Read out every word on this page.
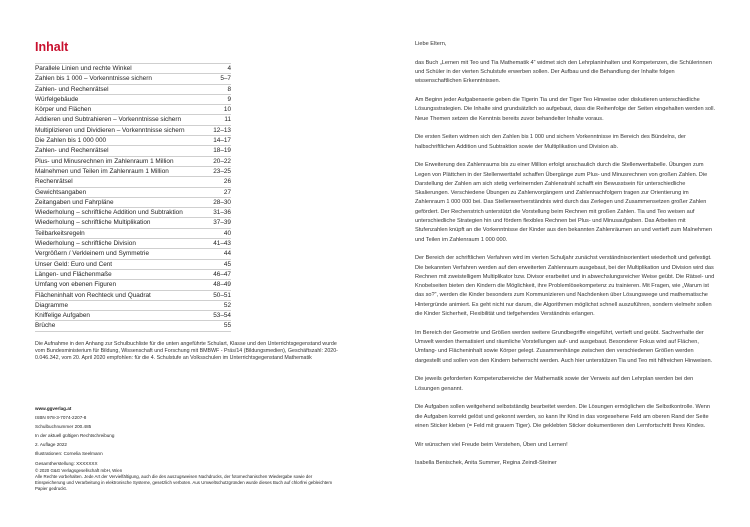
Inhalt
Parallele Linien und rechte Winkel	4
Zahlen bis 1 000 – Vorkenntnisse sichern	5–7
Zahlen- und Rechenrätsel	8
Würfelgebäude	9
Körper und Flächen	10
Addieren und Subtrahieren – Vorkenntnisse sichern	11
Multiplizieren und Dividieren – Vorkenntnisse sichern	12–13
Die Zahlen bis 1 000 000	14–17
Zahlen- und Rechenrätsel	18–19
Plus- und Minusrechnen im Zahlenraum 1 Million	20–22
Malnehmen und Teilen im Zahlenraum 1 Million	23–25
Rechenrätsel	26
Gewichtsangaben	27
Zeitangaben und Fahrpläne	28–30
Wiederholung – schriftliche Addition und Subtraktion	31–36
Wiederholung – schriftliche Multiplikation	37–39
Teilbarkeitsregeln	40
Wiederholung – schriftliche Division	41–43
Vergrößern / Verkleinern und Symmetrie	44
Unser Geld: Euro und Cent	45
Längen- und Flächenmaße	46–47
Umfang von ebenen Figuren	48–49
Flächeninhalt von Rechteck und Quadrat	50–51
Diagramme	52
Kniffelige Aufgaben	53–54
Brüche	55

Die Aufnahme in den Anhang zur Schulbuchliste für die unten angeführte Schulart, Klasse und den Unterrichtsgegenstand wurde vom Bundesministerium für Bildung, Wissenschaft und Forschung mit BMBWF - Präs/14 (Bildungsmedien), Geschäftszahl: 2020-0.046.342, vom 20. April 2020 empfohlen: für die 4. Schulstufe an Volksschulen im Unterrichtsgegenstand Mathematik

www.ggverlag.at
ISBN 978-3-7074-2207-8
Schulbuchnummer 200.485
In der aktuell gültigen Rechtschreibung
2. Auflage 2022
Illustrationen: Cornelia Seelmann
Gesamtherstellung: XXXXXXX
© 2020 G&G Verlagsgesellschaft mbH, Wien
Alle Rechte vorbehalten. Jede Art der Vervielfältigung, auch die des auszugsweisen Nachdrucks, der fotomechanischen Wiedergabe sowie der Einspeicherung und Verarbeitung in elektronische Systeme, gesetzlich verboten. Aus Umweltschutzgründen wurde dieses Buch auf chlorfrei gebleichtem Papier gedruckt.

Liebe Eltern,

das Buch „Lernen mit Teo und Tia Mathematik 4“ widmet sich den Lehrplaninhalten und Kompetenzen, die Schülerinnen und Schüler in der vierten Schulstufe erwerben sollen. Der Aufbau und die Behandlung der Inhalte folgen wissenschaftlichen Erkenntnissen.

Am Beginn jeder Aufgabenserie geben die Tigerin Tia und der Tiger Teo Hinweise oder diskutieren unterschiedliche Lösungsstrategien. Die Inhalte sind grundsätzlich so aufgebaut, dass die Reihenfolge der Seiten eingehalten werden soll. Neue Themen setzen die Kenntnis bereits zuvor behandelter Inhalte voraus.

Die ersten Seiten widmen sich den Zahlen bis 1 000 und sichern Vorkenntnisse im Bereich des Bündelns, der halbschriftlichen Addition und Subtraktion sowie der Multiplikation und Division ab.

Die Erweiterung des Zahlenraums bis zu einer Million erfolgt anschaulich durch die Stellenwerttabelle. Übungen zum Legen von Plättchen in der Stellenwerttafel schaffen Übergänge zum Plus- und Minusrechnen von großen Zahlen. Die Darstellung der Zahlen am sich stetig verfeinernden Zahlenstrahl schafft ein Bewusstsein für unterschiedliche Skalierungen. Verschiedene Übungen zu Zahlenvorgängern und Zahlennachfolgern tragen zur Orientierung im Zahlenraum 1 000 000 bei. Das Stellenwertverständnis wird durch das Zerlegen und Zusammensetzen großer Zahlen gefördert. Der Rechenstrich unterstützt die Vorstellung beim Rechnen mit großen Zahlen. Tia und Teo weisen auf unterschiedliche Strategien hin und fördern flexibles Rechnen bei Plus- und Minusaufgaben. Das Arbeiten mit Stufenzahlen knüpft an die Vorkenntnisse der Kinder aus den bekannten Zahlenräumen an und vertieft zum Malnehmen und Teilen im Zahlenraum 1 000 000.

Der Bereich der schriftlichen Verfahren wird im vierten Schuljahr zunächst verständnisorientiert wiederholt und gefestigt. Die bekannten Verfahren werden auf den erweiterten Zahlenraum ausgebaut, bei der Multiplikation und Division wird das Rechnen mit zweistelligem Multiplikator bzw. Divisor erarbeitet und in abwechslungsreicher Weise geübt. Die Rätsel- und Knobelseiten bieten den Kindern die Möglichkeit, ihre Problemlösekompetenz zu trainieren. Mit Fragen, wie „Warum ist das so?“, werden die Kinder besonders zum Kommunizieren und Nachdenken über Lösungswege und mathematische Hintergründe animiert. Es geht nicht nur darum, die Algorithmen möglichst schnell auszuführen, sondern vielmehr sollen die Kinder Sicherheit, Flexibilität und tiefgehendes Verständnis erlangen.

Im Bereich der Geometrie und Größen werden weitere Grundbegriffe eingeführt, vertieft und geübt. Sachverhalte der Umwelt werden thematisiert und räumliche Vorstellungen auf- und ausgebaut. Besonderer Fokus wird auf Flächen, Umfang- und Flächeninhalt sowie Körper gelegt. Zusammenhänge zwischen den verschiedenen Größen werden dargestellt und sollen von den Kindern beherrscht werden. Auch hier unterstützen Tia und Teo mit hilfreichen Hinweisen.

Die jeweils geforderten Kompetenzbereiche der Mathematik sowie der Verweis auf den Lehrplan werden bei den Lösungen genannt.

Die Aufgaben sollen weitgehend selbstständig bearbeitet werden. Die Lösungen ermöglichen die Selbstkontrolle. Wenn die Aufgaben korrekt gelöst und gekonnt werden, so kann Ihr Kind in das vorgesehene Feld am oberen Rand der Seite einen Sticker kleben (= Feld mit grauem Tiger). Die geklebten Sticker dokumentieren den Lernfortschritt Ihres Kindes.

Wir wünschen viel Freude beim Verstehen, Üben und Lernen!

Isabella Benischek, Anita Summer, Regina Zeindl-Steiner
